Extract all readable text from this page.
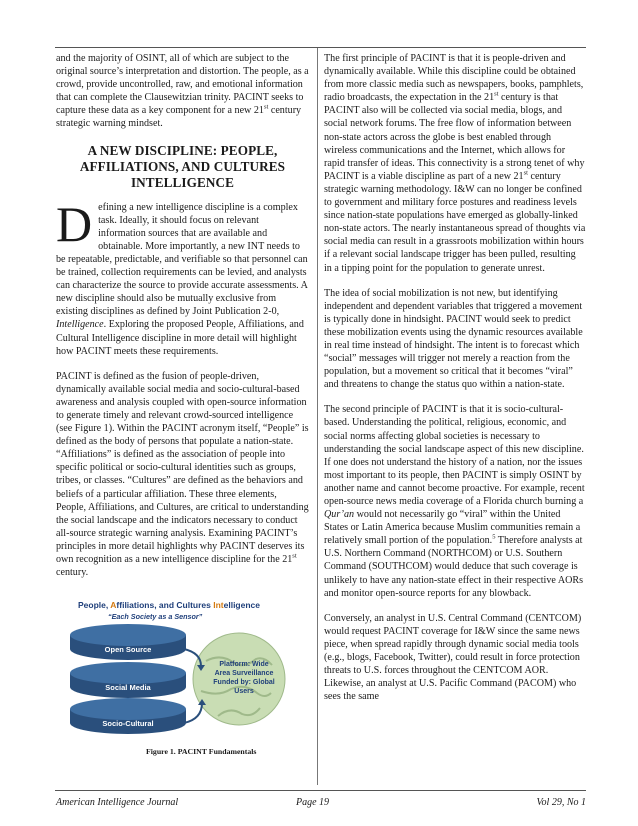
and the majority of OSINT, all of which are subject to the original source’s interpretation and distortion. The people, as a crowd, provide uncontrolled, raw, and emotional information that can complete the Clausewitzian trinity. PACINT seeks to capture these data as a key component for a new 21st century strategic warning mindset.

A NEW DISCIPLINE: PEOPLE,
AFFILIATIONS, AND CULTURES
INTELLIGENCE

Defining a new intelligence discipline is a complex task. Ideally, it should focus on relevant information sources that are available and obtainable. More importantly, a new INT needs to be repeatable, predictable, and verifiable so that personnel can be trained, collection requirements can be levied, and analysts can characterize the source to provide accurate assessments. A new discipline should also be mutually exclusive from existing disciplines as defined by Joint Publication 2-0, Intelligence. Exploring the proposed People, Affiliations, and Cultural Intelligence discipline in more detail will highlight how PACINT meets these requirements.

PACINT is defined as the fusion of people-driven, dynamically available social media and socio-cultural-based awareness and analysis coupled with open-source information to generate timely and relevant crowd-sourced intelligence (see Figure 1). Within the PACINT acronym itself, “People” is defined as the body of persons that populate a nation-state. “Affiliations” is defined as the association of people into specific political or socio-cultural identities such as groups, tribes, or classes. “Cultures” are defined as the behaviors and beliefs of a particular affiliation. These three elements, People, Affiliations, and Cultures, are critical to understanding the social landscape and the indicators necessary to conduct all-source strategic warning analysis. Examining PACINT’s principles in more detail highlights why PACINT deserves its own recognition as a new intelligence discipline for the 21st century.

Open Source
Social Media
Socio-Cultural
Platform: Wide
Area Surveillance
Funded by: Global
Users
People, Affiliations, and Cultures Intelligence
“Each Society as a Sensor”
Figure 1. PACINT Fundamentals

The first principle of PACINT is that it is people-driven and dynamically available. While this discipline could be obtained from more classic media such as newspapers, books, pamphlets, radio broadcasts, the expectation in the 21st century is that PACINT also will be collected via social media, blogs, and social network forums. The free flow of information between non-state actors across the globe is best enabled through wireless communications and the Internet, which allows for rapid transfer of ideas. This connectivity is a strong tenet of why PACINT is a viable discipline as part of a new 21st century strategic warning methodology. I&W can no longer be confined to government and military force postures and readiness levels since nation-state populations have emerged as globally-linked non-state actors. The nearly instantaneous spread of thoughts via social media can result in a grassroots mobilization within hours if a relevant social landscape trigger has been pulled, resulting in a tipping point for the population to generate unrest.

The idea of social mobilization is not new, but identifying independent and dependent variables that triggered a movement is typically done in hindsight. PACINT would seek to predict these mobilization events using the dynamic resources available in real time instead of hindsight. The intent is to forecast which “social” messages will trigger not merely a reaction from the population, but a movement so critical that it becomes “viral” and threatens to change the status quo within a nation-state.

The second principle of PACINT is that it is socio-cultural-based. Understanding the political, religious, economic, and social norms affecting global societies is necessary to understanding the social landscape aspect of this new discipline. If one does not understand the history of a nation, nor the issues most important to its people, then PACINT is simply OSINT by another name and cannot become proactive. For example, recent open-source news media coverage of a Florida church burning a Qur’an would not necessarily go “viral” within the United States or Latin America because Muslim communities remain a relatively small portion of the population.$^5$ Therefore analysts at U.S. Northern Command (NORTHCOM) or U.S. Southern Command (SOUTHCOM) would deduce that such coverage is unlikely to have any nation-state effect in their respective AORs and monitor open-source reports for any blowback.

Conversely, an analyst in U.S. Central Command (CENTCOM) would request PACINT coverage for I&W since the same news piece, when spread rapidly through dynamic social media tools (e.g., blogs, Facebook, Twitter), could result in force protection threats to U.S. forces throughout the CENTCOM AOR. Likewise, an analyst at U.S. Pacific Command (PACOM) who sees the same

American Intelligence Journal	Page 19	Vol 29, No 1
